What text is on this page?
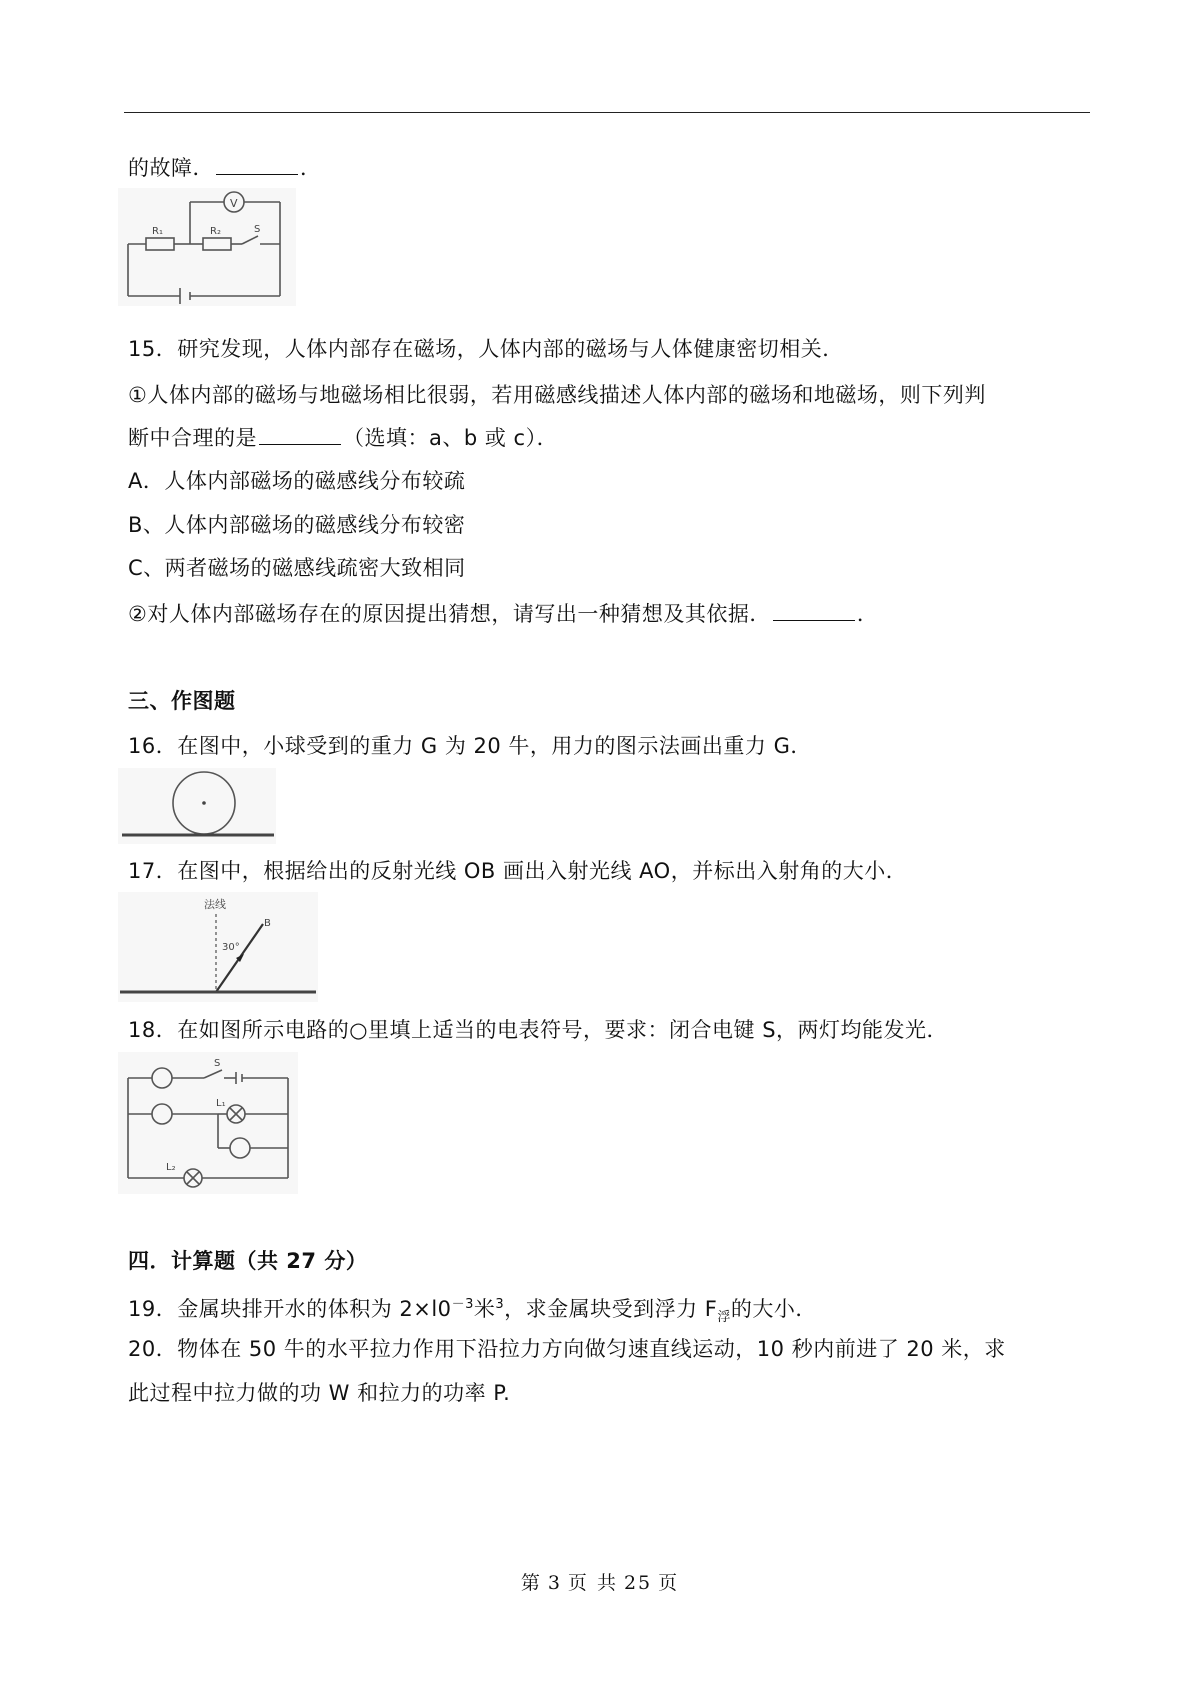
的故障．	．
V
R₁	R₂	S
15．研究发现，人体内部存在磁场，人体内部的磁场与人体健康密切相关．
①人体内部的磁场与地磁场相比很弱，若用磁感线描述人体内部的磁场和地磁场，则下列判
断中合理的是	（选填：a、b 或 c）．
A．人体内部磁场的磁感线分布较疏
B、人体内部磁场的磁感线分布较密
C、两者磁场的磁感线疏密大致相同
②对人体内部磁场存在的原因提出猜想，请写出一种猜想及其依据．	．
三、作图题
16．在图中，小球受到的重力 G 为 20 牛，用力的图示法画出重力 G．
17．在图中，根据给出的反射光线 OB 画出入射光线 AO，并标出入射角的大小．
法线
30°
B
18．在如图所示电路的○里填上适当的电表符号，要求：闭合电键 S，两灯均能发光．
S
L₁
L₂
四．计算题（共 27 分）
19．金属块排开水的体积为 $2\times l0^{-3}$米$^3$，求金属块受到浮力 $F_浮$的大小．
20．物体在 50 牛的水平拉力作用下沿拉力方向做匀速直线运动，10 秒内前进了 20 米，求
此过程中拉力做的功 W 和拉力的功率 P.
第 3 页 共 25 页
